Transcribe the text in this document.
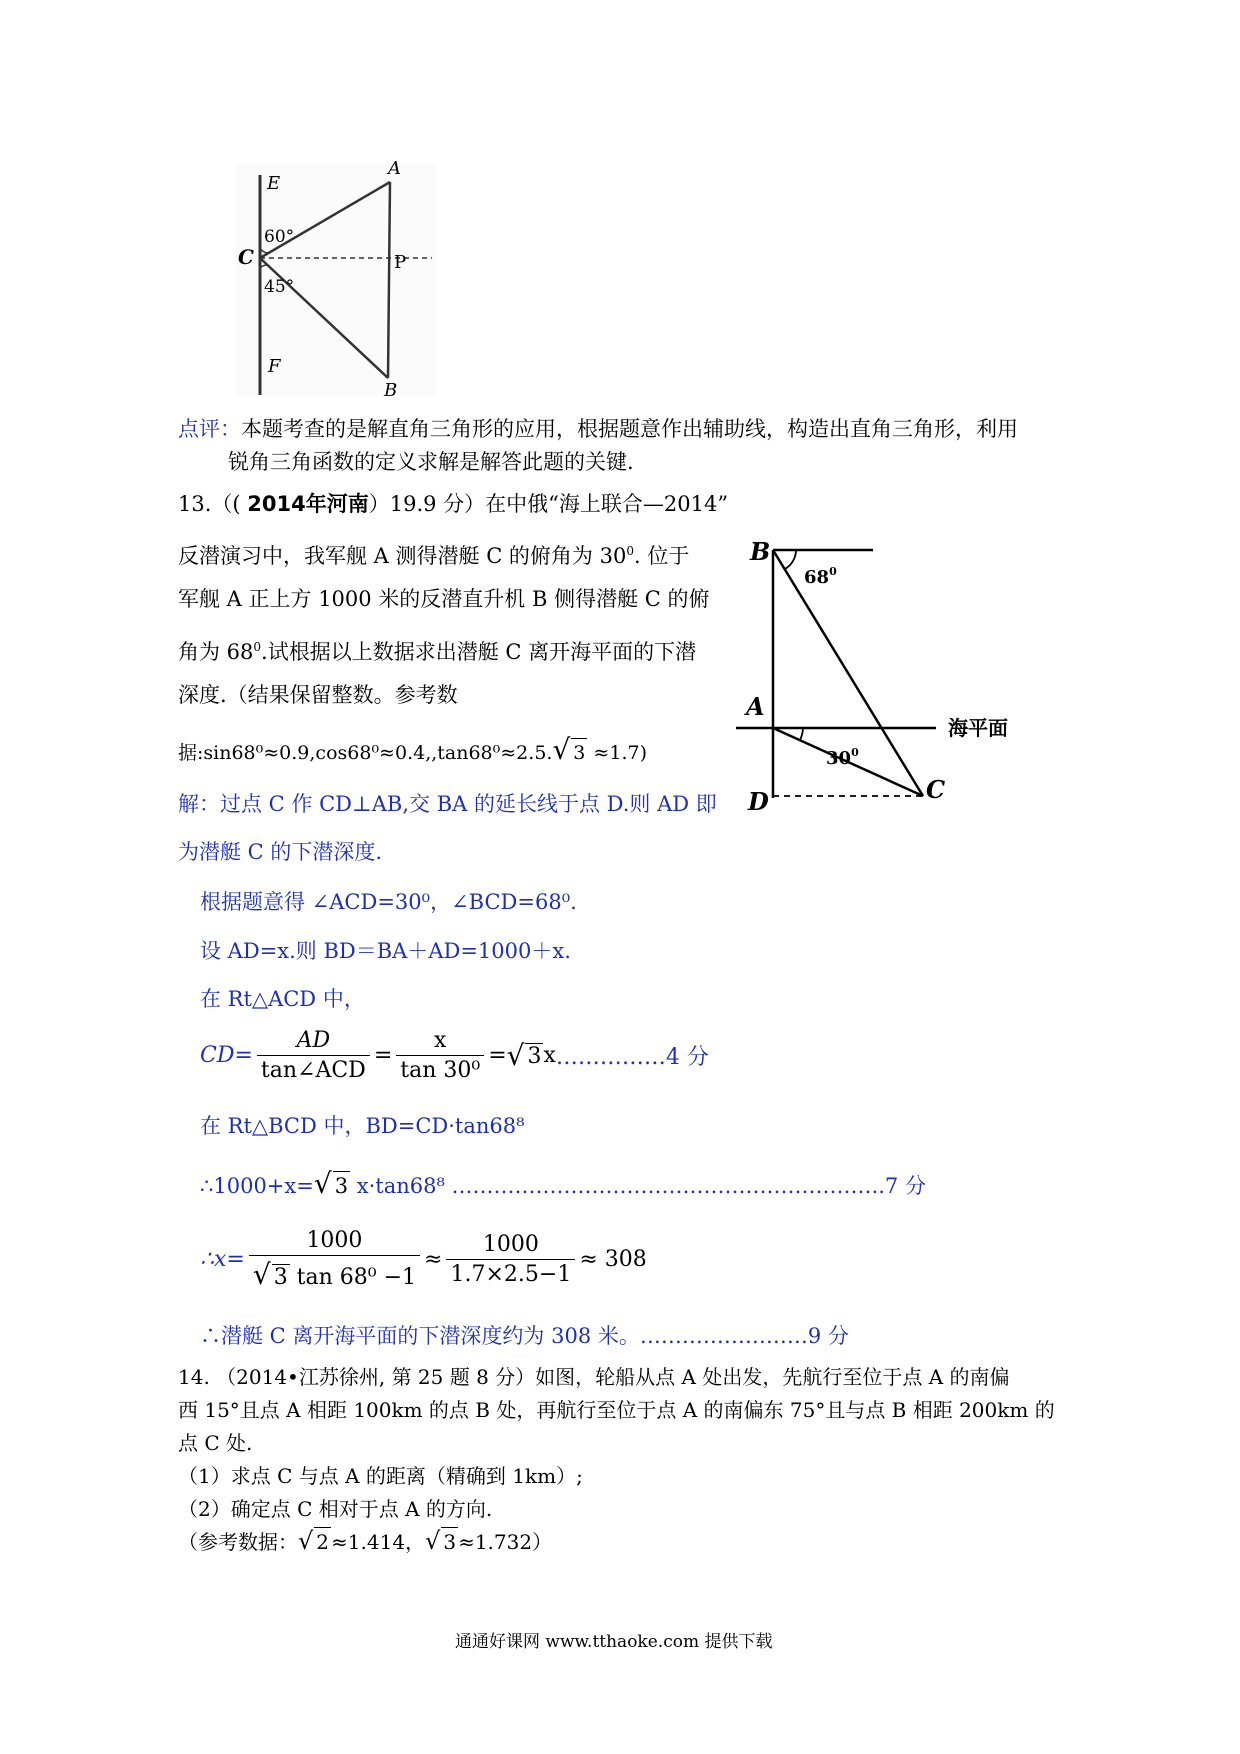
E
A
60°
C	P
45°
F
B
点评：本题考查的是解直角三角形的应用，根据题意作出辅助线，构造出直角三角形，利用
锐角三角函数的定义求解是解答此题的关键.
13.（( 2014年河南）19.9 分）在中俄“海上联合—2014”
反潜演习中，我军舰 A 测得潜艇 C 的俯角为 $30^0$. 位于
军舰 A 正上方 1000 米的反潜直升机 B 侧得潜艇 C 的俯
角为 $68^0$.试根据以上数据求出潜艇 C 离开海平面的下潜
深度.（结果保留整数。参考数
据:sin68⁰≈0.9,cos68⁰≈0.4,,tan68⁰≈2.5.√ 3 ≈1.7)
B
$68^0$
A
海平面
$30^0$
D	C
解：过点 C 作 CD⊥AB,交 BA 的延长线于点 D.则 AD 即
为潜艇 C 的下潜深度.
根据题意得 ∠ACD=30⁰，∠BCD=68⁰.
设 AD=x.则 BD＝BA＋AD=1000＋x.
在 Rt△ACD 中，
$CD= \frac{AD}{\text{tan∠ACD}} = \frac{x}{\text{tan 30⁰}}$ = √ 3 x ……………4 分
在 Rt△BCD 中，BD=CD·tan68⁸
∴1000+x=√ 3 x·tan68⁸ ……………………………………………………..7 分
∴x= $\frac{1000}{\text{√ 3 tan 68⁰ −1}} \approx \frac{1000}{1.7\times 2.5-1} \approx 308$
∴潜艇 C 离开海平面的下潜深度约为 308 米。……………………9 分
14. （2014•江苏徐州, 第 25 题 8 分）如图，轮船从点 A 处出发，先航行至位于点 A 的南偏
西 15°且点 A 相距 100km 的点 B 处，再航行至位于点 A 的南偏东 75°且与点 B 相距 200km 的
点 C 处.
（1）求点 C 与点 A 的距离（精确到 1km）;
（2）确定点 C 相对于点 A 的方向.
（参考数据：√ 2 ≈1.414，√ 3 ≈1.732）
通通好课网 www.tthaoke.com 提供下载
